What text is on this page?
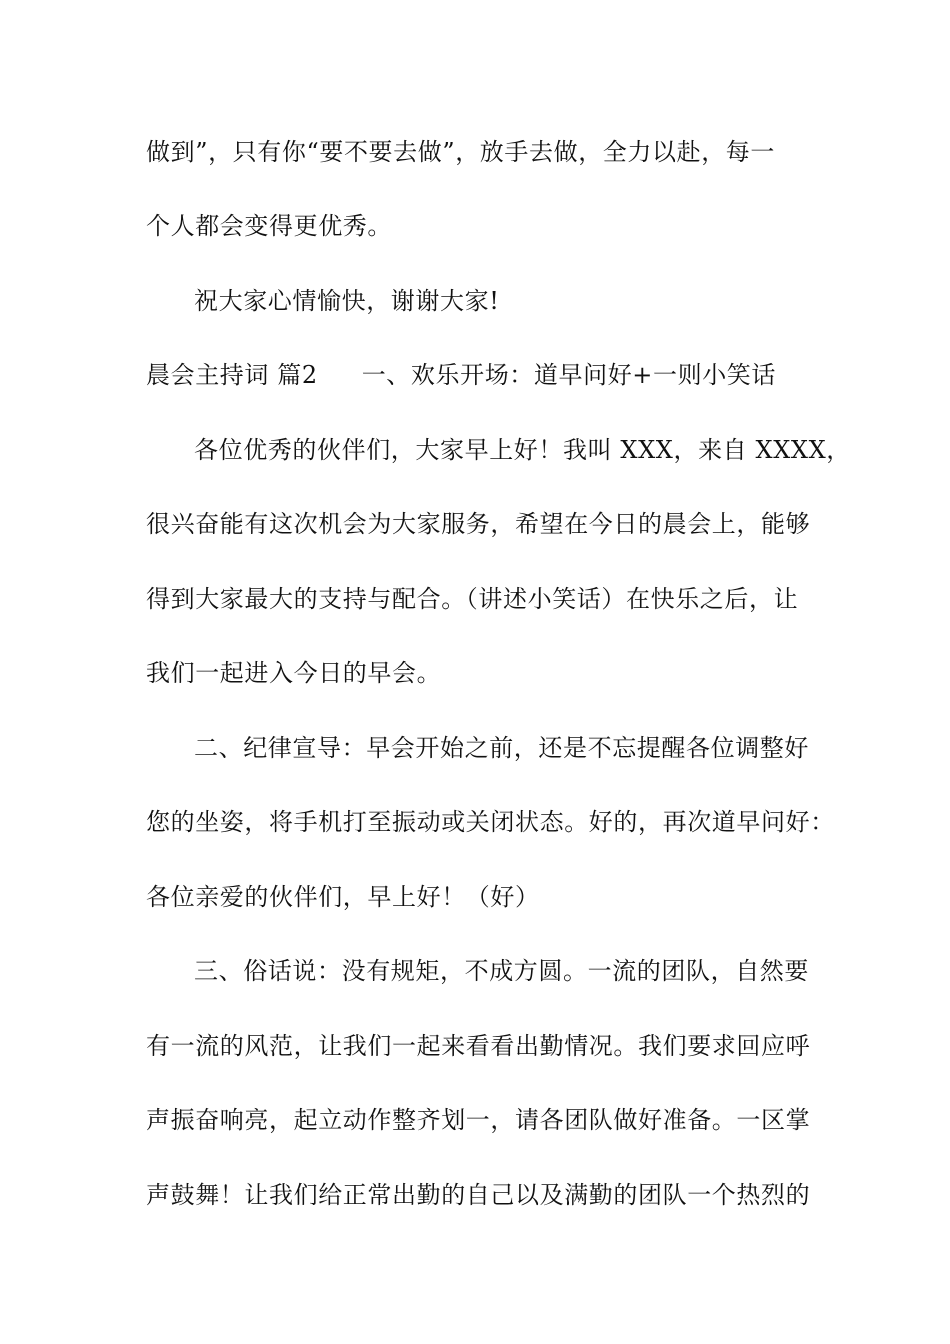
做到”，只有你“要不要去做”，放手去做，全力以赴，每一
个人都会变得更优秀。
祝大家心情愉快，谢谢大家!
晨会主持词 篇2 一、欢乐开场：道早问好+一则小笑话
各位优秀的伙伴们，大家早上好！我叫 XXX，来自 XXXX，
很兴奋能有这次机会为大家服务，希望在今日的晨会上，能够
得到大家最大的支持与配合。（讲述小笑话）在快乐之后，让
我们一起进入今日的早会。
二、纪律宣导：早会开始之前，还是不忘提醒各位调整好
您的坐姿，将手机打至振动或关闭状态。好的，再次道早问好：
各位亲爱的伙伴们，早上好！（好）
三、俗话说：没有规矩，不成方圆。一流的团队，自然要
有一流的风范，让我们一起来看看出勤情况。我们要求回应呼
声振奋响亮，起立动作整齐划一，请各团队做好准备。一区掌
声鼓舞！让我们给正常出勤的自己以及满勤的团队一个热烈的
